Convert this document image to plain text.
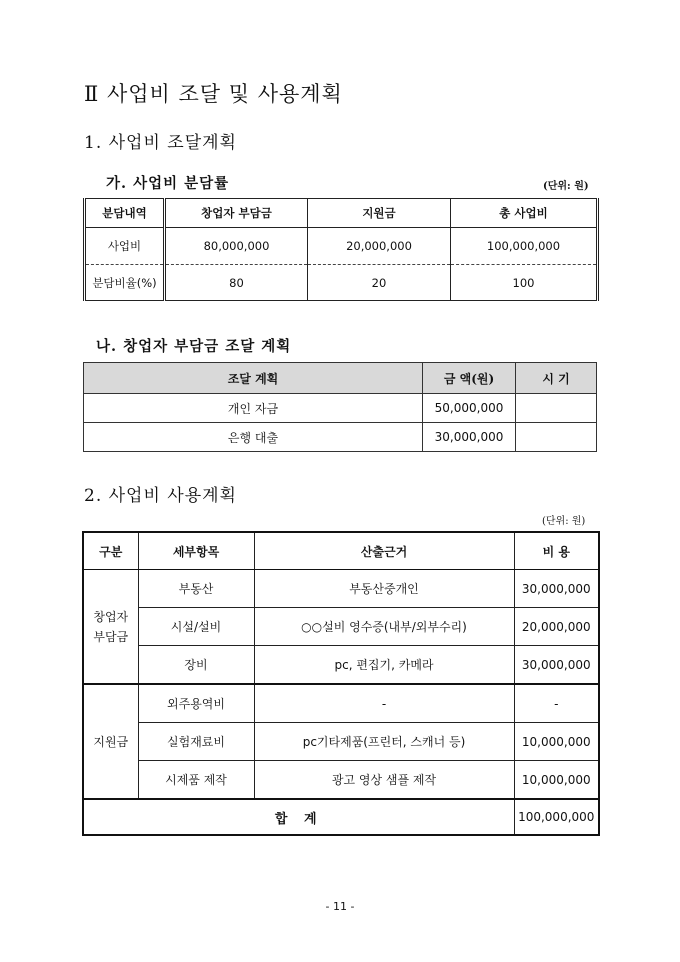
Ⅱ 사업비 조달 및 사용계획
1. 사업비 조달계획
가. 사업비 분담률	(단위: 원)
분담내역	창업자 부담금	지원금	총 사업비
사업비	80,000,000	20,000,000	100,000,000
분담비율(%)	80	20	100
나. 창업자 부담금 조달 계획
조달 계획	금 액(원)	시 기
개인 자금	50,000,000	
은행 대출	30,000,000	
2. 사업비 사용계획
(단위: 원)
구분	세부항목	산출근거	비 용
창업자
부담금	부동산	부동산중개인	30,000,000
	시설/설비	○○설비 영수증(내부/외부수리)	20,000,000
	장비	pc, 편집기, 카메라	30,000,000
지원금	외주용역비	-	-
	실험재료비	pc기타제품(프린터, 스캐너 등)	10,000,000
	시제품 제작	광고 영상 샘플 제작	10,000,000
합 계			100,000,000
- 11 -
